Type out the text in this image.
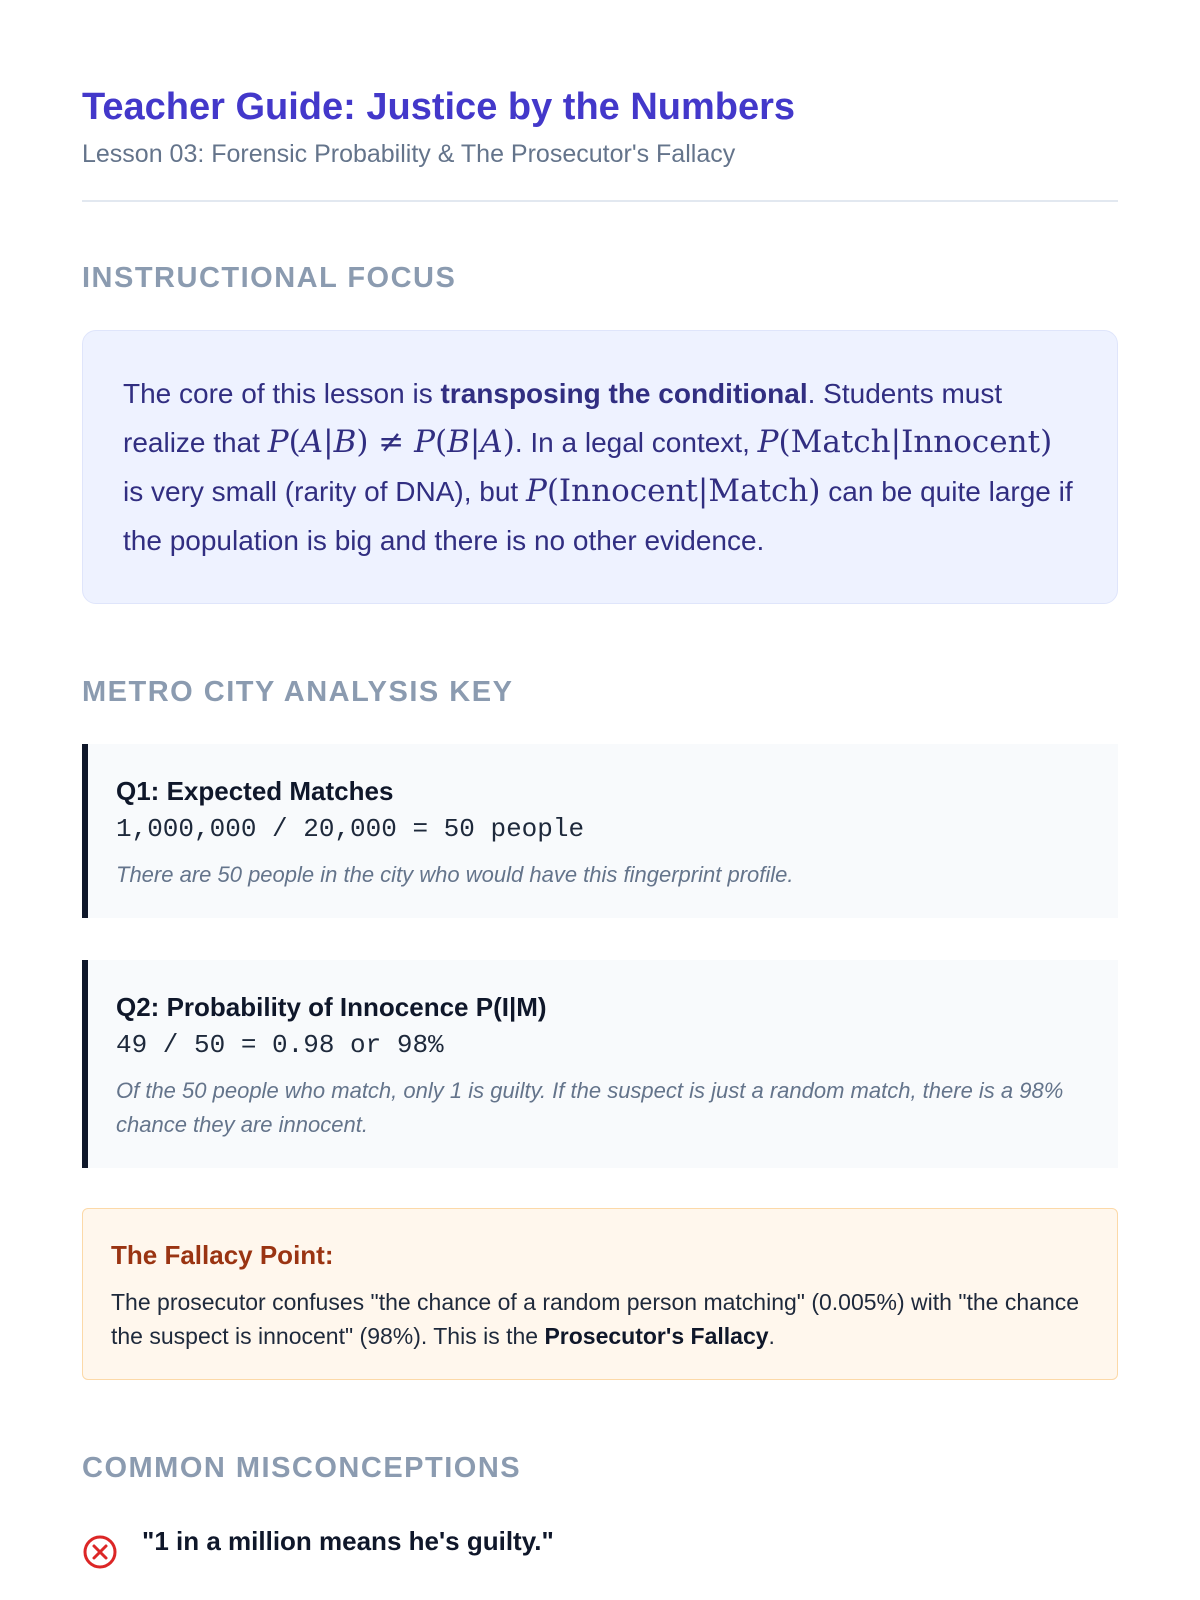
Teacher Guide: Justice by the Numbers
Lesson 03: Forensic Probability & The Prosecutor's Fallacy
INSTRUCTIONAL FOCUS
The core of this lesson is transposing the conditional. Students must realize that P(A|B) ≠ P(B|A). In a legal context, P(Match|Innocent) is very small (rarity of DNA), but P(Innocent|Match) can be quite large if the population is big and there is no other evidence.
METRO CITY ANALYSIS KEY
Q1: Expected Matches
1,000,000 / 20,000 = 50 people
There are 50 people in the city who would have this fingerprint profile.
Q2: Probability of Innocence P(I|M)
49 / 50 = 0.98 or 98%
Of the 50 people who match, only 1 is guilty. If the suspect is just a random match, there is a 98% chance they are innocent.
The Fallacy Point:
The prosecutor confuses "the chance of a random person matching" (0.005%) with "the chance the suspect is innocent" (98%). This is the Prosecutor's Fallacy.
COMMON MISCONCEPTIONS
"1 in a million means he's guilty."
